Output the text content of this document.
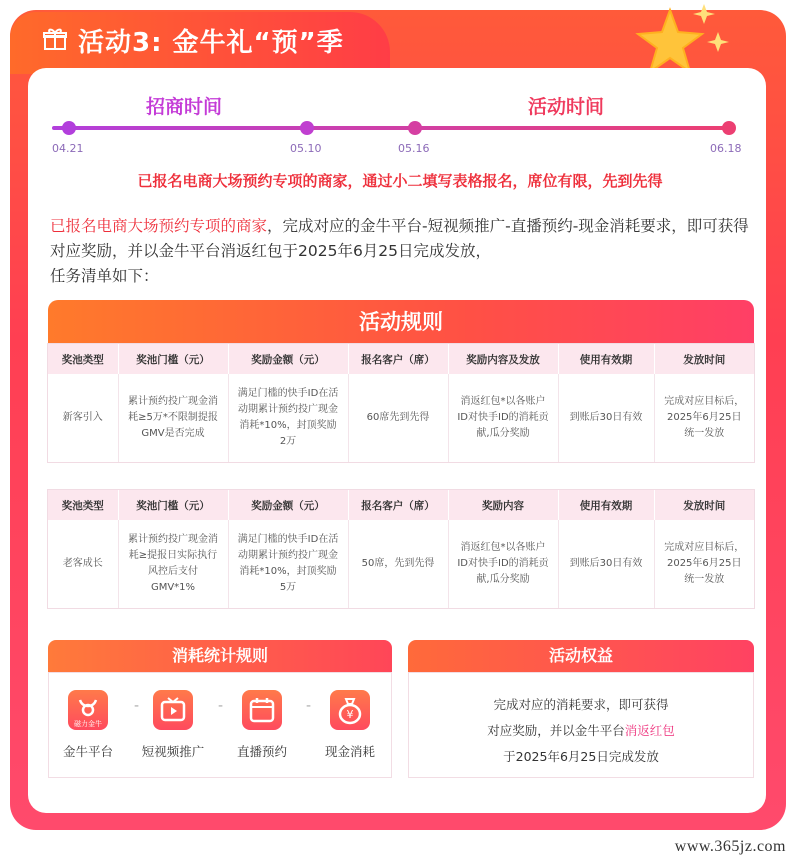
活动3: 金牛礼“预”季
招商时间	活动时间
04.21	05.10	05.16	06.18
已报名电商大场预约专项的商家，通过小二填写表格报名，席位有限，先到先得
已报名电商大场预约专项的商家，完成对应的金牛平台-短视频推广-直播预约-现金消耗要求，即可获得对应奖励，并以金牛平台消返红包于2025年6月25日完成发放，
任务清单如下：
活动规则
奖池类型	奖池门槛（元）	奖励金额（元）	报名客户（席）	奖励内容及发放	使用有效期	发放时间
新客引入	累计预约投广现金消耗≥5万*不限制提报GMV是否完成	满足门槛的快手ID在活动期累计预约投广现金消耗*10%，封顶奖励2万	60席先到先得	消返红包*以各账户ID对快手ID的消耗贡献,瓜分奖励	到账后30日有效	完成对应目标后，2025年6月25日统一发放
奖池类型	奖池门槛（元）	奖励金额（元）	报名客户（席）	奖励内容	使用有效期	发放时间
老客成长	累计预约投广现金消耗≥提报日实际执行风控后支付GMV*1%	满足门槛的快手ID在活动期累计预约投广现金消耗*10%，封顶奖励5万	50席，先到先得	消返红包*以各账户ID对快手ID的消耗贡献,瓜分奖励	到账后30日有效	完成对应目标后，2025年6月25日统一发放
消耗统计规则
磁力金牛
金牛平台
-
短视频推广
-
直播预约
-
¥
现金消耗
活动权益
完成对应的消耗要求，即可获得
对应奖励，并以金牛平台消返红包
于2025年6月25日完成发放
www.365jz.com
